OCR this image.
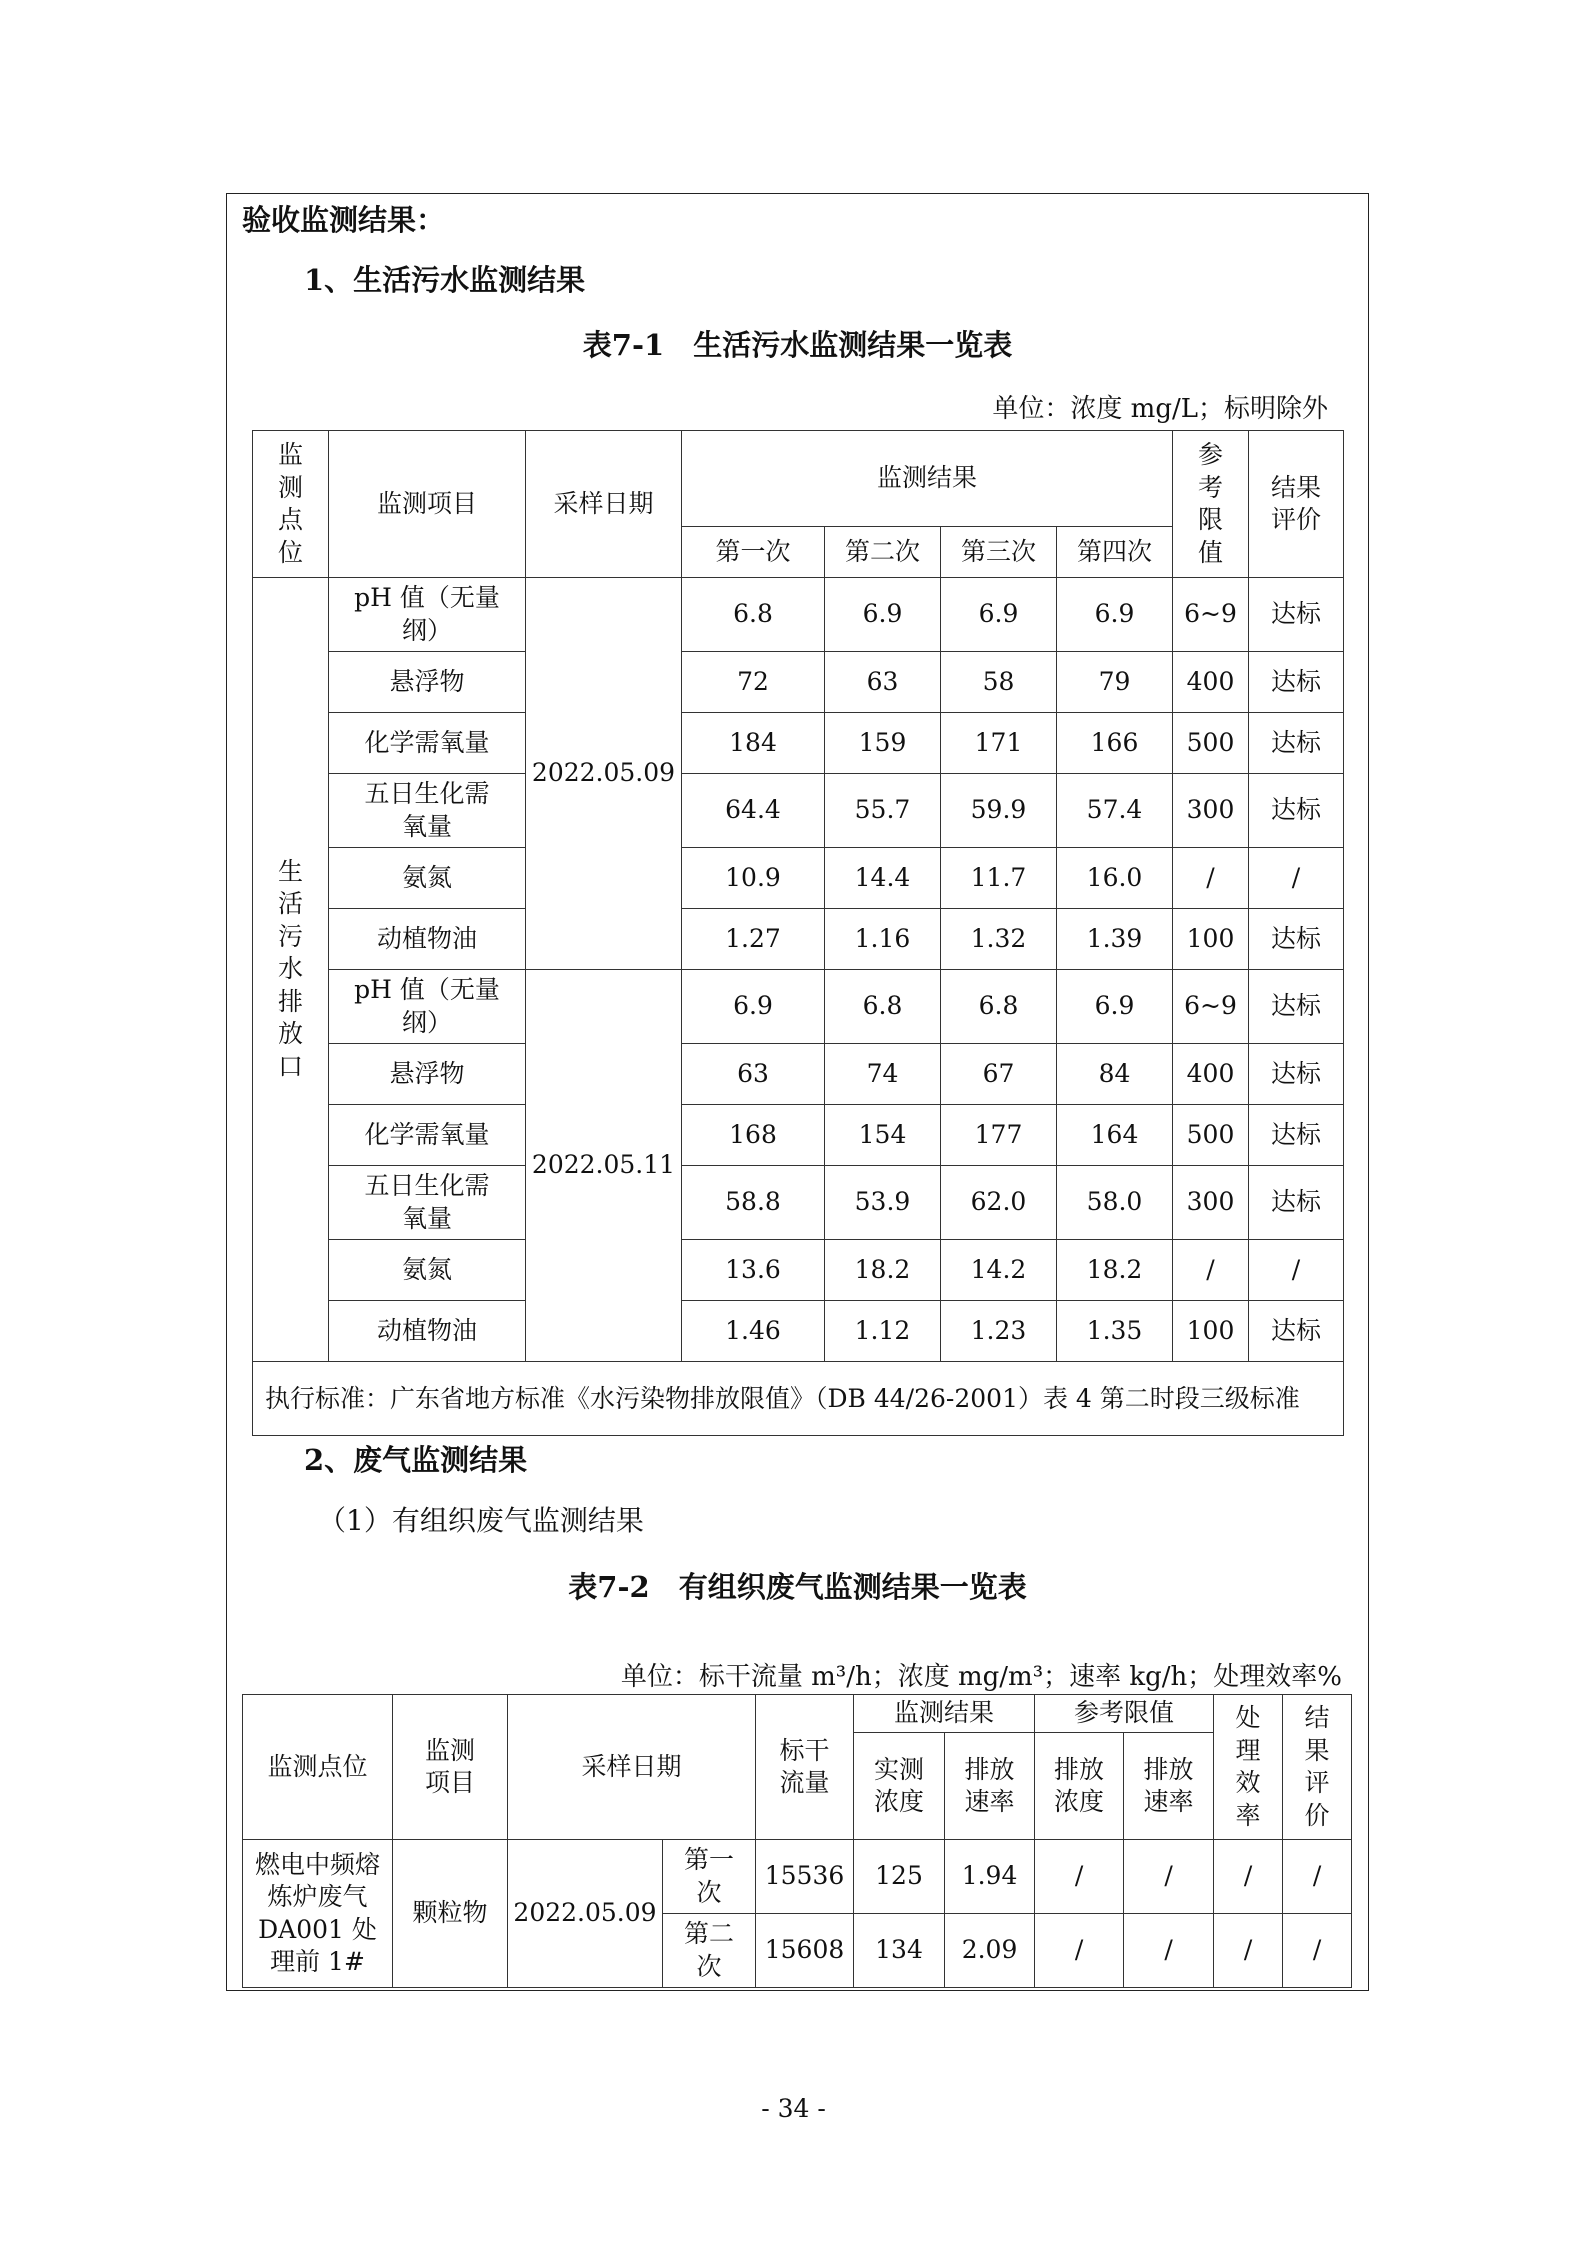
验收监测结果：
1、生活污水监测结果
表7-1　生活污水监测结果一览表
单位：浓度 mg/L；标明除外
监测点位	监测项目	采样日期	监测结果				参考限值	结果评价

			第一次	第二次	第三次	第四次		

生活污水排放口	pH 值（无量纲）	2022.05.09	6.8	6.9	6.9	6.9	6~9	达标
	悬浮物		72	63	58	79	400	达标
	化学需氧量		184	159	171	166	500	达标
	五日生化需氧量		64.4	55.7	59.9	57.4	300	达标
	氨氮		10.9	14.4	11.7	16.0	/	/
	动植物油		1.27	1.16	1.32	1.39	100	达标
	pH 值（无量纲）	2022.05.11	6.9	6.8	6.8	6.9	6~9	达标
	悬浮物		63	74	67	84	400	达标
	化学需氧量		168	154	177	164	500	达标
	五日生化需氧量		58.8	53.9	62.0	58.0	300	达标
	氨氮		13.6	18.2	14.2	18.2	/	/
	动植物油		1.46	1.12	1.23	1.35	100	达标
执行标准：广东省地方标准《水污染物排放限值》（DB 44/26-2001）表 4 第二时段三级标准								
2、废气监测结果
（1）有组织废气监测结果
表7-2　有组织废气监测结果一览表
单位：标干流量 m³/h；浓度 mg/m³；速率 kg/h；处理效率%
监测点位	监测项目	采样日期		标干流量	监测结果		参考限值		处理效率	结果评价

					实测浓度	排放速率	排放浓度	排放速率		

燃电中频熔炼炉废气 DA001 处理前 1#	颗粒物	2022.05.09	第一次	15536	125	1.94	/	/	/	/

			第二次	15608	134	2.09	/	/	/	/
- 34 -
